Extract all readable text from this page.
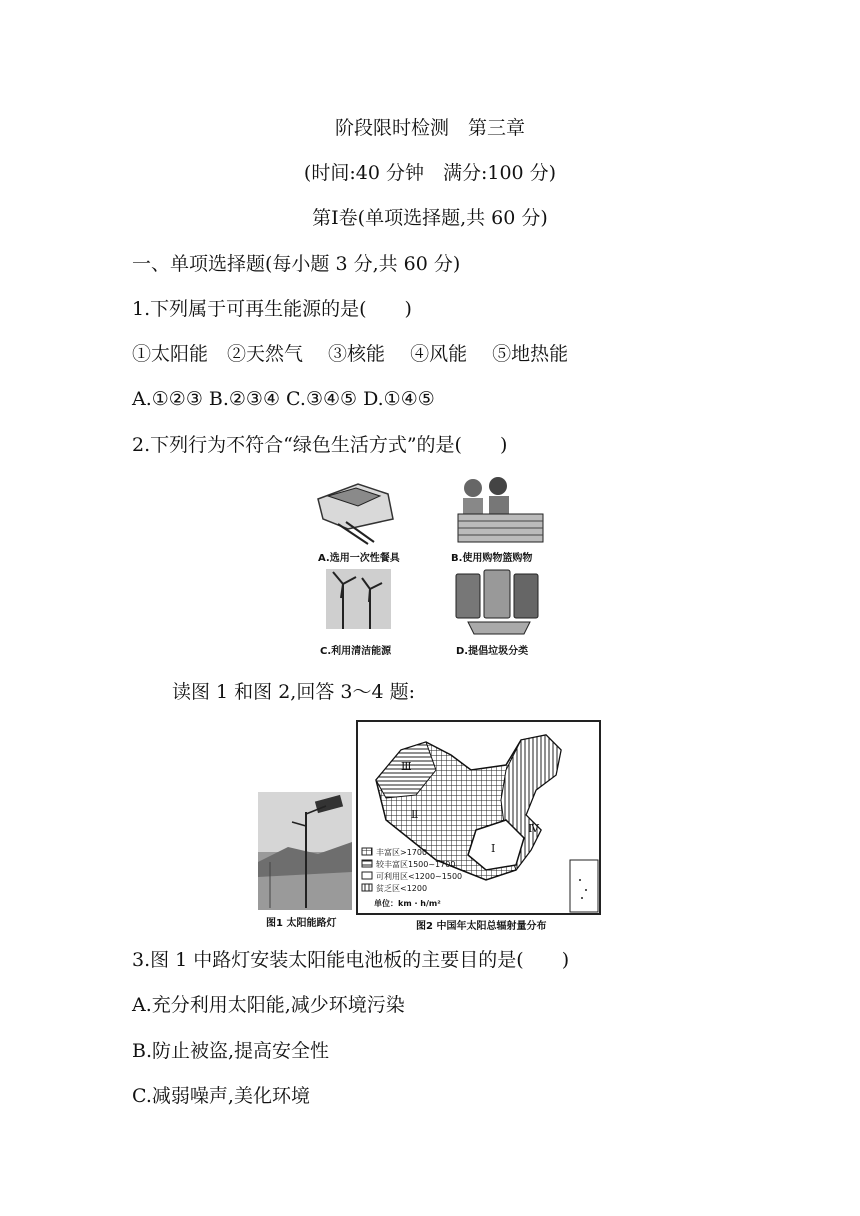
阶段限时检测　第三章
(时间:40 分钟　满分:100 分)
第Ⅰ卷(单项选择题,共 60 分)
一、单项选择题(每小题 3 分,共 60 分)
1.下列属于可再生能源的是(　　)
①太阳能　②天然气　 ③核能　 ④风能　 ⑤地热能
A.①②③ B.②③④ C.③④⑤ D.①④⑤
2.下列行为不符合“绿色生活方式”的是(　　)
A.选用一次性餐具	B.使用购物篮购物
C.利用清洁能源	D.提倡垃圾分类
读图 1 和图 2,回答 3～4 题:
图1 太阳能路灯
Ⅲ
Ⅱ
Ⅰ
Ⅳ
丰富区>1700
较丰富区1500~1700
可利用区<1200~1500
贫乏区<1200
单位：km · h/m²
图2 中国年太阳总辐射量分布
3.图 1 中路灯安装太阳能电池板的主要目的是(　　)
A.充分利用太阳能,减少环境污染
B.防止被盗,提高安全性
C.减弱噪声,美化环境
